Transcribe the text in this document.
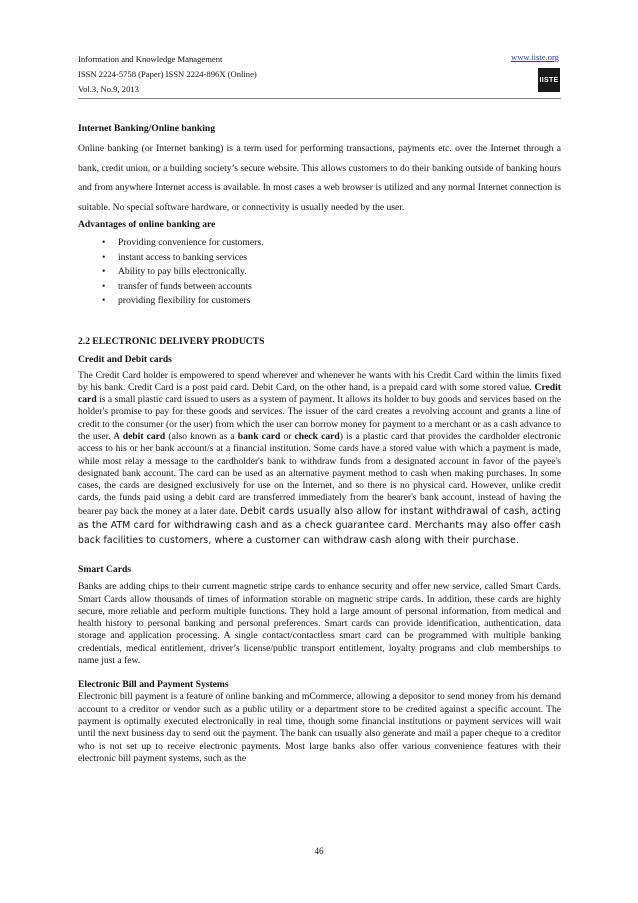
Information and Knowledge Management
ISSN 2224-5758 (Paper) ISSN 2224-896X (Online)
Vol.3, No.9, 2013
www.iiste.org
IISTE

Internet Banking/Online banking

Online banking (or Internet banking) is a term used for performing transactions, payments etc. over the Internet through a bank, credit union, or a building society’s secure website. This allows customers to do their banking outside of banking hours and from anywhere Internet access is available. In most cases a web browser is utilized and any normal Internet connection is suitable. No special software hardware, or connectivity is usually needed by the user.

Advantages of online banking are

• Providing convenience for customers.
• instant access to banking services
• Ability to pay bills electronically.
• transfer of funds between accounts
• providing flexibility for customers

2.2 ELECTRONIC DELIVERY PRODUCTS

Credit and Debit cards

The Credit Card holder is empowered to spend wherever and whenever he wants with his Credit Card within the limits fixed by his bank. Credit Card is a post paid card. Debit Card, on the other hand, is a prepaid card with some stored value. Credit card is a small plastic card issued to users as a system of payment. It allows its holder to buy goods and services based on the holder's promise to pay for these goods and services. The issuer of the card creates a revolving account and grants a line of credit to the consumer (or the user) from which the user can borrow money for payment to a merchant or as a cash advance to the user. A debit card (also known as a bank card or check card) is a plastic card that provides the cardholder electronic access to his or her bank account/s at a financial institution. Some cards have a stored value with which a payment is made, while most relay a message to the cardholder's bank to withdraw funds from a designated account in favor of the payee's designated bank account. The card can be used as an alternative payment method to cash when making purchases. In some cases, the cards are designed exclusively for use on the Internet, and so there is no physical card. However, unlike credit cards, the funds paid using a debit card are transferred immediately from the bearer's bank account, instead of having the bearer pay back the money at a later date. Debit cards usually also allow for instant withdrawal of cash, acting as the ATM card for withdrawing cash and as a check guarantee card. Merchants may also offer cash back facilities to customers, where a customer can withdraw cash along with their purchase.

Smart Cards

Banks are adding chips to their current magnetic stripe cards to enhance security and offer new service, called Smart Cards. Smart Cards allow thousands of times of information storable on magnetic stripe cards. In addition, these cards are highly secure, more reliable and perform multiple functions. They hold a large amount of personal information, from medical and health history to personal banking and personal preferences. Smart cards can provide identification, authentication, data storage and application processing. A single contact/contactless smart card can be programmed with multiple banking credentials, medical entitlement, driver’s license/public transport entitlement, loyalty programs and club memberships to name just a few.

Electronic Bill and Payment Systems

Electronic bill payment is a feature of online banking and mCommerce, allowing a depositor to send money from his demand account to a creditor or vendor such as a public utility or a department store to be credited against a specific account. The payment is optimally executed electronically in real time, though some financial institutions or payment services will wait until the next business day to send out the payment. The bank can usually also generate and mail a paper cheque to a creditor who is not set up to receive electronic payments. Most large banks also offer various convenience features with their electronic bill payment systems, such as the

46
